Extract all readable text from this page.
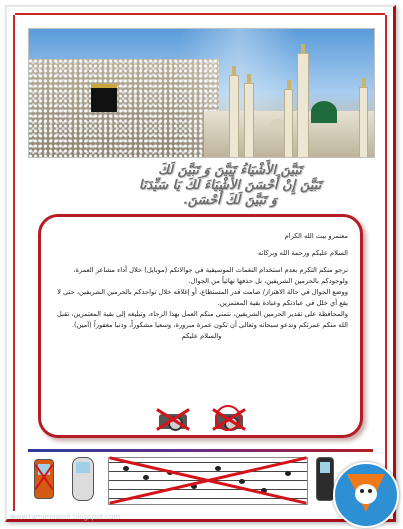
تَبَيَّنَ الأَشْيَاءُ تَبَيَّنَ وَ تَبَيَّنَ لَكَ
تَبَيَّنَ إِنْ أَحْسَنَ الأَشْيَاءَ لَكَ يَا سَيِّدَنَا
وَ تَبَيَّنَ لَكَ أَحْسَنَ.

معتمرو بيت الله الكرام

السلام عليكم ورحمة الله وبركاته

نرجو منكم التكرم بعدم استخدام النغمات الموسيقية في جوالاتكم (موبايل) خلال أداء مشاعر العمرة، ولوجودكم بالحرمين الشريفين، بل حذفها نهائياً من الجوال.

ووضع الجوال في حالة الاهتزاز/ صامت قدر المستطاع، أو إغلاقه خلال تواجدكم بالحرمين الشريفين، حتى لا يقع أي خلل في عبادتكم وعبادة بقية المعتمرين.

والمحافظة على تقدير الحرمين الشريفين، نتمنى منكم العمل بهذا الرجاء، وتبليغه إلى بقية المعتمرين، تقبل الله منكم عمرتكم وندعو سبحانه وتعالى أن تكون عمرة مبرورة، وسعيا مشكوراً، وذنبا مغفوراً (آمين).

والسلام عليكم

www.tamimaalafi.blogspot.com
